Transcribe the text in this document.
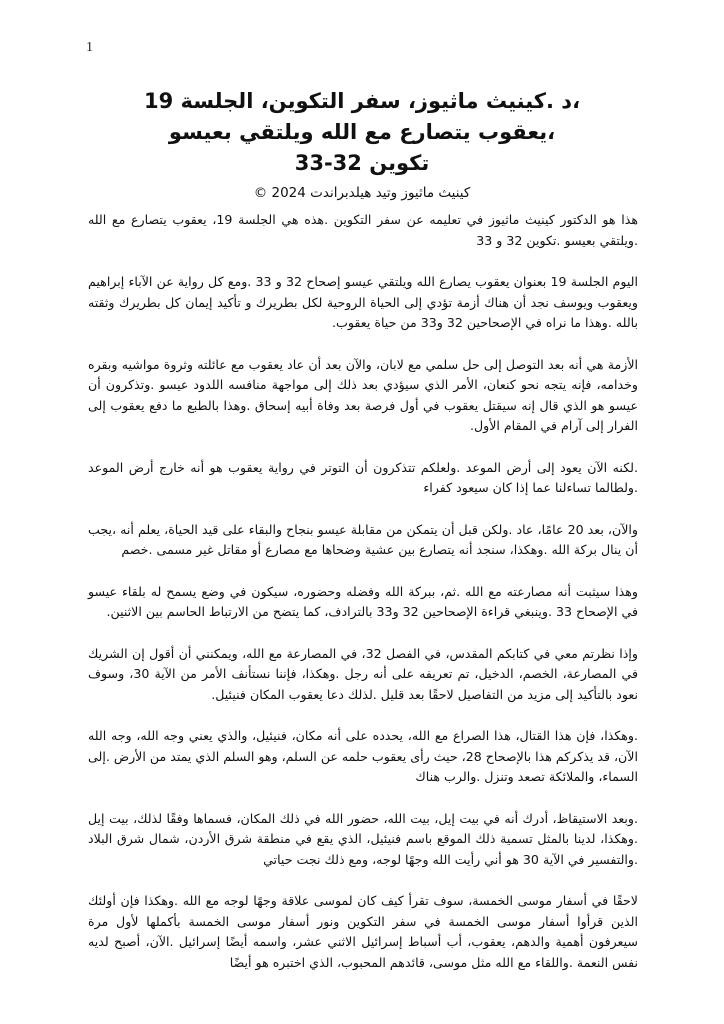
1
،د .كينيث ماثيوز، سفر التكوين، الجلسة 19
،يعقوب يتصارع مع الله ويلتقي بعيسو
تكوين 32-33
كينيث ماثيوز وتيد هيلدبراندت 2024 ©

هذا هو الدكتور كينيث ماثيوز في تعليمه عن سفر التكوين .هذه هي الجلسة 19، يعقوب يتصارع مع الله .ويلتقي بعيسو .تكوين 32 و 33

اليوم الجلسة 19 بعنوان يعقوب يصارع الله ويلتقي عيسو إصحاح 32 و 33 .ومع كل رواية عن الآباء إبراهيم ويعقوب ويوسف نجد أن هناك أزمة تؤدي إلى الحياة الروحية لكل بطريرك و تأكيد إيمان كل بطريرك وثقته بالله .وهذا ما نراه في الإصحاحين 32 و33 من حياة يعقوب.

الأزمة هي أنه بعد التوصل إلى حل سلمي مع لابان، والآن بعد أن عاد يعقوب مع عائلته وثروة مواشيه وبقره وخدامه، فإنه يتجه نحو كنعان، الأمر الذي سيؤدي بعد ذلك إلى مواجهة منافسه اللدود عيسو .وتذكرون أن عيسو هو الذي قال إنه سيقتل يعقوب في أول فرصة بعد وفاة أبيه إسحاق .وهذا بالطبع ما دفع يعقوب إلى الفرار إلى آرام في المقام الأول.

.لكنه الآن يعود إلى أرض الموعد .ولعلكم تتذكرون أن التوتر في رواية يعقوب هو أنه خارج أرض الموعد .ولطالما تساءلنا عما إذا كان سيعود كفراء

والآن، بعد 20 عامًا، عاد .ولكن قبل أن يتمكن من مقابلة عيسو بنجاح والبقاء على قيد الحياة، يعلم أنه ،يجب أن ينال بركة الله .وهكذا، سنجد أنه يتصارع بين عشية وضحاها مع مصارع أو مقاتل غير مسمى .خصم

وهذا سيثبت أنه مصارعته مع الله .ثم، ببركة الله وفضله وحضوره، سيكون في وضع يسمح له بلقاء عيسو في الإصحاح 33 .وينبغي قراءة الإصحاحين 32 و33 بالترادف، كما يتضح من الارتباط الحاسم بين الاثنين.

وإذا نظرتم معي في كتابكم المقدس، في الفصل 32، في المصارعة مع الله، ويمكنني أن أقول إن الشريك في المصارعة، الخصم، الدخيل، تم تعريفه على أنه رجل .وهكذا، فإننا نستأنف الأمر من الآية 30، وسوف نعود بالتأكيد إلى مزيد من التفاصيل لاحقًا بعد قليل .لذلك دعا يعقوب المكان فنيئيل.

.وهكذا، فإن هذا القتال، هذا الصراع مع الله، يحدده على أنه مكان، فنيئيل، والذي يعني وجه الله، وجه الله الآن، قد يذكركم هذا بالإصحاح 28، حيث رأى يعقوب حلمه عن السلم، وهو السلم الذي يمتد من الأرض .إلى السماء، والملائكة تصعد وتنزل .والرب هناك

.وبعد الاستيقاظ، أدرك أنه في بيت إيل، بيت الله، حضور الله في ذلك المكان، فسماها وفقًا لذلك، بيت إيل .وهكذا، لدينا بالمثل تسمية ذلك الموقع باسم فنيئيل، الذي يقع في منطقة شرق الأردن، شمال شرق البلاد .والتفسير في الآية 30 هو أني رأيت الله وجهًا لوجه، ومع ذلك نجت حياتي

لاحقًا في أسفار موسى الخمسة، سوف تقرأ كيف كان لموسى علاقة وجهًا لوجه مع الله .وهكذا فإن أولئك الذين قرأوا أسفار موسى الخمسة في سفر التكوين ونور أسفار موسى الخمسة بأكملها لأول مرة سيعرفون أهمية والدهم، يعقوب، أب أسباط إسرائيل الاثني عشر، واسمه أيضًا إسرائيل .الآن، أصبح لديه نفس النعمة .واللقاء مع الله مثل موسى، قائدهم المحبوب، الذي اختبره هو أيضًا
